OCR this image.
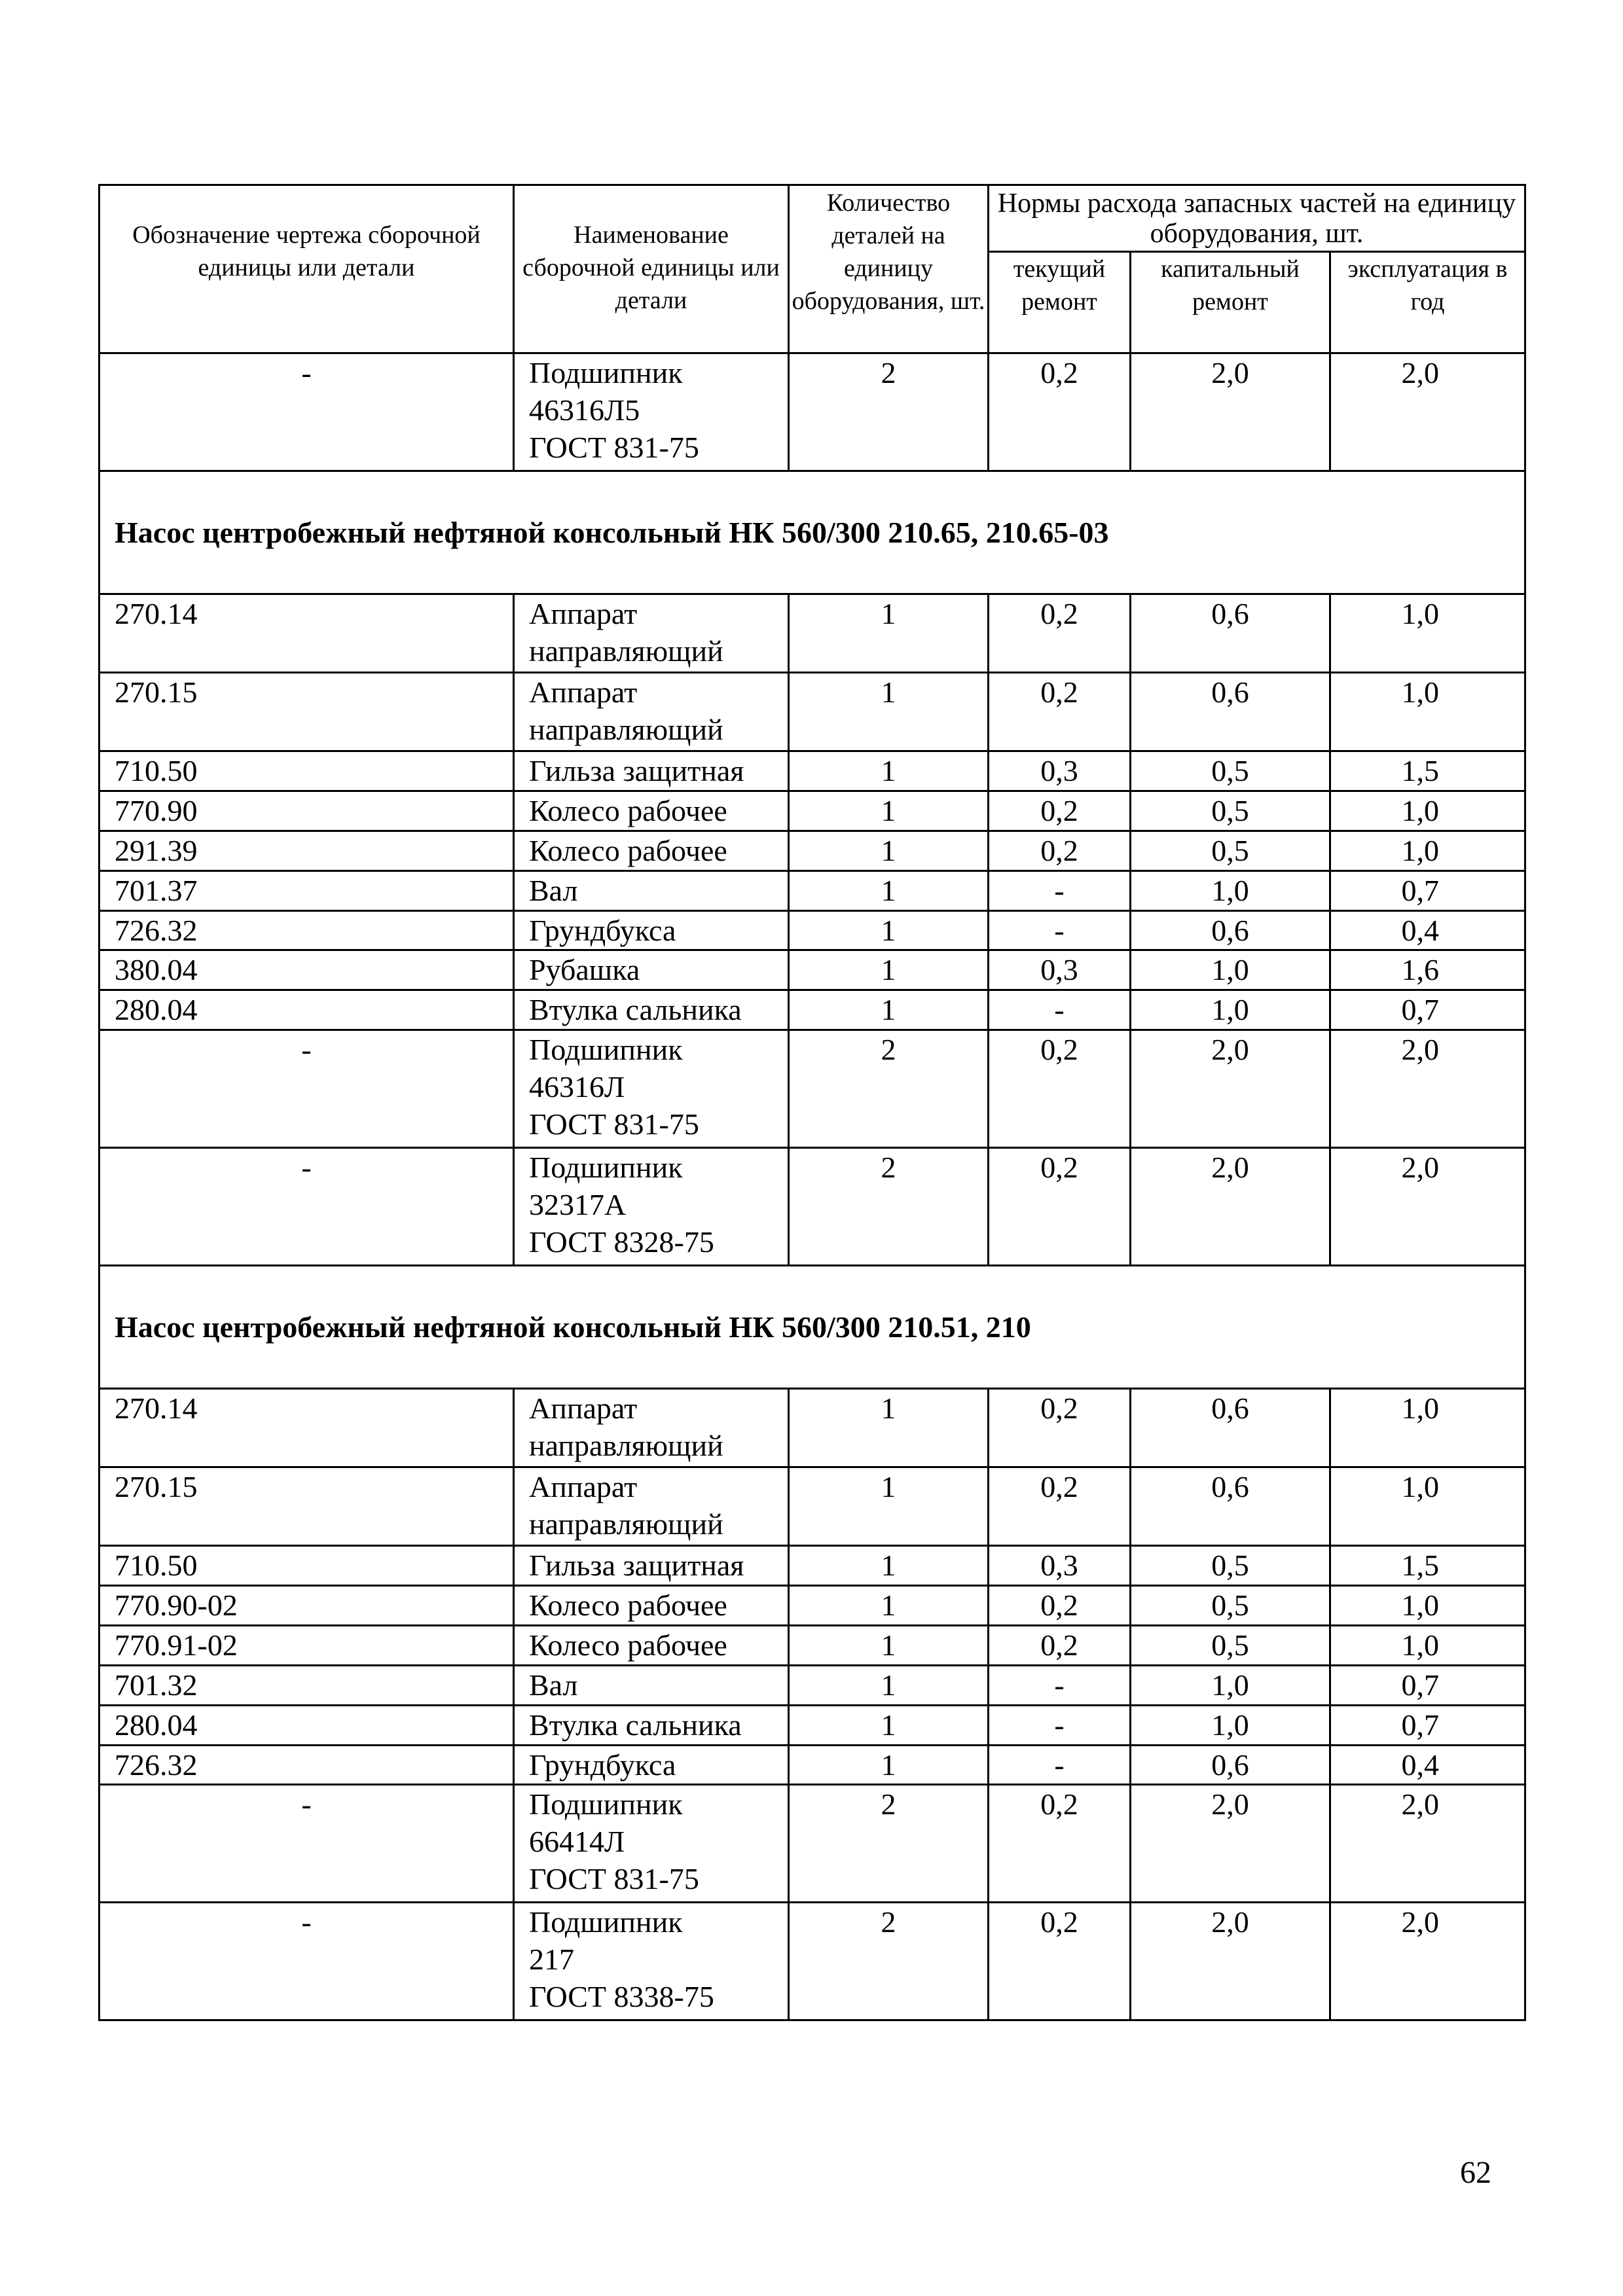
Обозначение чертежа сборочной единицы или детали	Наименование сборочной единицы или детали	Количество деталей на единицу оборудования, шт.	Нормы расхода запасных частей на единицу оборудования, шт.		
			текущий ремонт	капитальный ремонт	эксплуатация в год
-	Подшипник
46316Л5
ГОСТ 831-75	2	0,2	2,0	2,0
Насос центробежный нефтяной консольный НК 560/300 210.65, 210.65-03					
270.14	Аппарат
направляющий	1	0,2	0,6	1,0
270.15	Аппарат
направляющий	1	0,2	0,6	1,0
710.50	Гильза защитная	1	0,3	0,5	1,5
770.90	Колесо рабочее	1	0,2	0,5	1,0
291.39	Колесо рабочее	1	0,2	0,5	1,0
701.37	Вал	1	-	1,0	0,7
726.32	Грундбукса	1	-	0,6	0,4
380.04	Рубашка	1	0,3	1,0	1,6
280.04	Втулка сальника	1	-	1,0	0,7
-	Подшипник
46316Л
ГОСТ 831-75	2	0,2	2,0	2,0
-	Подшипник
32317А
ГОСТ 8328-75	2	0,2	2,0	2,0
Насос центробежный нефтяной консольный НК 560/300 210.51, 210					
270.14	Аппарат
направляющий	1	0,2	0,6	1,0
270.15	Аппарат
направляющий	1	0,2	0,6	1,0
710.50	Гильза защитная	1	0,3	0,5	1,5
770.90-02	Колесо рабочее	1	0,2	0,5	1,0
770.91-02	Колесо рабочее	1	0,2	0,5	1,0
701.32	Вал	1	-	1,0	0,7
280.04	Втулка сальника	1	-	1,0	0,7
726.32	Грундбукса	1	-	0,6	0,4
-	Подшипник
66414Л
ГОСТ 831-75	2	0,2	2,0	2,0
-	Подшипник
217
ГОСТ 8338-75	2	0,2	2,0	2,0
62
